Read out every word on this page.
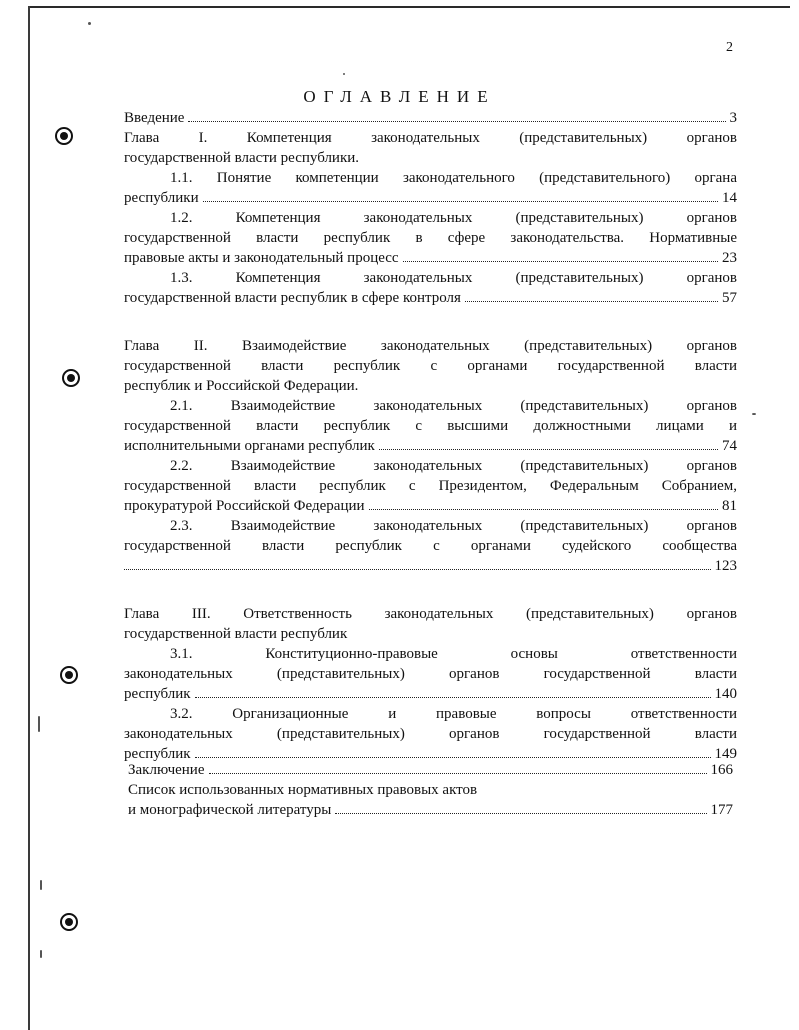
2
ОГЛАВЛЕНИЕ
Введение	3
Глава I. Компетенция законодательных (представительных) органов
государственной власти республики.
1.1. Понятие компетенции законодательного (представительного) органа
республики	14
1.2. Компетенция законодательных (представительных) органов
государственной власти республик в сфере законодательства. Нормативные
правовые акты и законодательный процесс	23
1.3. Компетенция законодательных (представительных) органов
государственной власти республик в сфере контроля	57
Глава II. Взаимодействие законодательных (представительных) органов
государственной власти республик с органами государственной власти
республик и Российской Федерации.
2.1. Взаимодействие законодательных (представительных) органов
государственной власти республик с высшими должностными лицами и
исполнительными органами республик	74
2.2. Взаимодействие законодательных (представительных) органов
государственной власти республик с Президентом, Федеральным Собранием,
прокуратурой Российской Федерации	81
2.3. Взаимодействие законодательных (представительных) органов
государственной власти республик с органами судейского сообщества
123
Глава III. Ответственность законодательных (представительных) органов
государственной власти республик
3.1. Конституционно-правовые основы ответственности
законодательных (представительных) органов государственной власти
республик	140
3.2. Организационные и правовые вопросы ответственности
законодательных (представительных) органов государственной власти
республик	149
Заключение	166
Список использованных нормативных правовых актов
и монографической литературы	177
